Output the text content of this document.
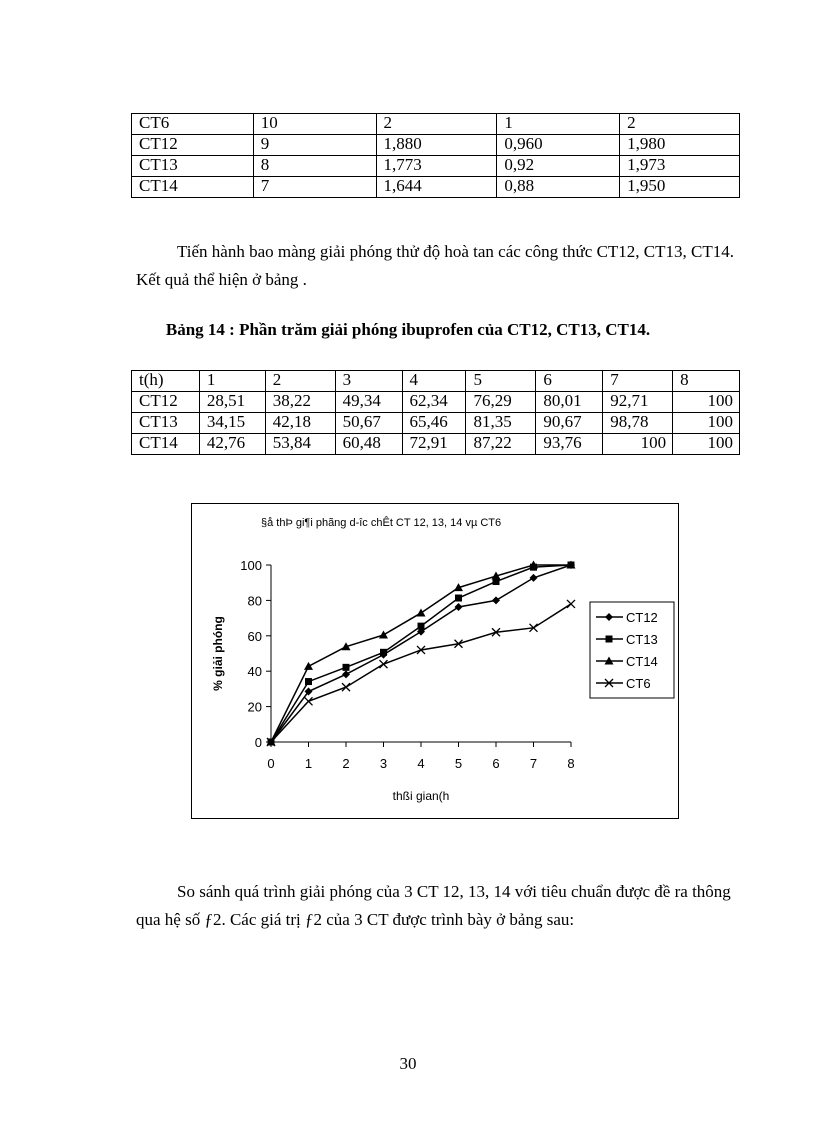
CT6	10	2	1	2
CT12	9	1,880	0,960	1,980
CT13	8	1,773	0,92	1,973
CT14	7	1,644	0,88	1,950

Tiến hành bao màng giải phóng thử độ hoà tan các công thức CT12, CT13, CT14. Kết quả thể hiện ở bảng .

Bảng 14 : Phần trăm giải phóng ibuprofen của CT12, CT13, CT14.
t(h)	1	2	3	4	5	6	7	8
CT12	28,51	38,22	49,34	62,34	76,29	80,01	92,71	100
CT13	34,15	42,18	50,67	65,46	81,35	90,67	98,78	100
CT14	42,76	53,84	60,48	72,91	87,22	93,76	100	100
§å thÞ gi¶i phãng d-îc chÊt CT 12, 13, 14 vµ CT6
0
20
40
60
80
100
0 1 2 3 4 5 6 7 8
thßi gian(h
% giải phóng	CT12
CT13
CT14
CT6

So sánh quá trình giải phóng của 3 CT 12, 13, 14 với tiêu chuẩn được đề ra thông qua hệ số ƒ2. Các giá trị ƒ2 của 3 CT được trình bày ở bảng sau:

30
